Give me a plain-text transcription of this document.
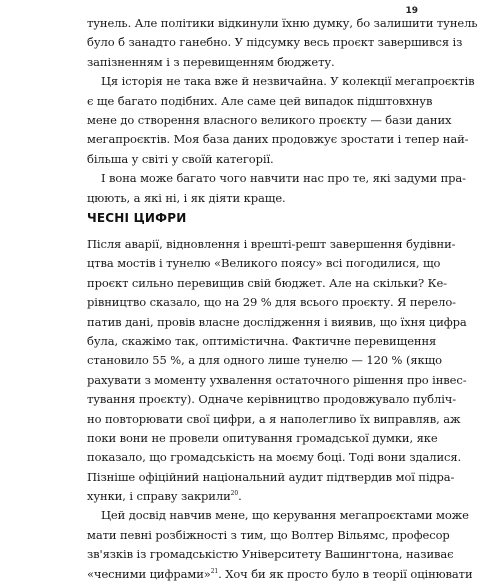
19
тунель. Але політики відкинули їхню думку, бо залишити тунель
було б занадто ганебно. У підсумку весь проєкт завершився із
запізненням і з перевищенням бюджету.
Ця історія не така вже й незвичайна. У колекції мегапроєктів
є ще багато подібних. Але саме цей випадок підштовхнув
мене до створення власного великого проєкту — бази даних
мегапроєктів. Моя база даних продовжує зростати і тепер най-
більша у світі у своїй категорії.
І вона може багато чого навчити нас про те, які задуми пра-
цюють, а які ні, і як діяти краще.
ЧЕСНІ ЦИФРИ
Після аварії, відновлення і врешті-решт завершення будівни-
цтва мостів і тунелю «Великого поясу» всі погодилися, що
проєкт сильно перевищив свій бюджет. Але на скільки? Ке-
рівництво сказало, що на 29 % для всього проєкту. Я перело-
патив дані, провів власне дослідження і виявив, що їхня цифра
була, скажімо так, оптимістична. Фактичне перевищення
становило 55 %, а для одного лише тунелю — 120 % (якщо
рахувати з моменту ухвалення остаточного рішення про інвес-
тування проєкту). Одначе керівництво продовжувало публіч-
но повторювати свої цифри, а я наполегливо їх виправляв, аж
поки вони не провели опитування громадської думки, яке
показало, що громадськість на моєму боці. Тоді вони здалися.
Пізніше офіційний національний аудит підтвердив мої підра-
хунки, і справу закрили$^{20}$.
Цей досвід навчив мене, що керування мегапроєктами може
мати певні розбіжності з тим, що Волтер Вільямс, професор
зв'язків із громадськістю Університету Вашингтона, називає
«чесними цифрами»$^{21}$. Хоч би як просто було в теорії оцінювати
